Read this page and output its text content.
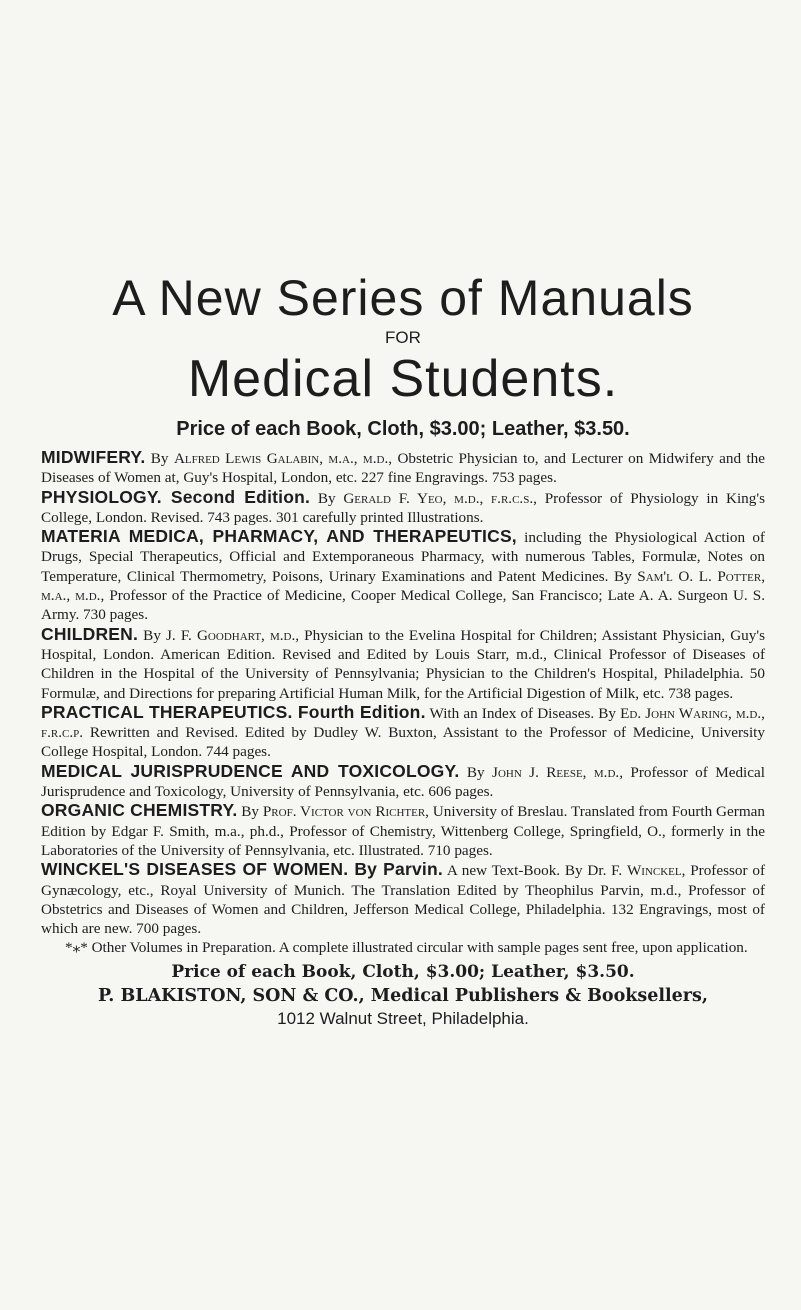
A New Series of Manuals
FOR
Medical Students.
Price of each Book, Cloth, $3.00; Leather, $3.50.

MIDWIFERY. By Alfred Lewis Galabin, m.a., m.d., Obstetric Physician to, and Lecturer on Midwifery and the Diseases of Women at, Guy's Hospital, London, etc. 227 fine Engravings. 753 pages.

PHYSIOLOGY. Second Edition. By Gerald F. Yeo, m.d., f.r.c.s., Professor of Physiology in King's College, London. Revised. 743 pages. 301 carefully printed Illustrations.

MATERIA MEDICA, PHARMACY, AND THERAPEUTICS, including the Physiological Action of Drugs, Special Therapeutics, Official and Extemporaneous Pharmacy, with numerous Tables, Formulæ, Notes on Temperature, Clinical Thermometry, Poisons, Urinary Examinations and Patent Medicines. By Sam'l O. L. Potter, m.a., m.d., Professor of the Practice of Medicine, Cooper Medical College, San Francisco; Late A. A. Surgeon U. S. Army. 730 pages.

CHILDREN. By J. F. Goodhart, m.d., Physician to the Evelina Hospital for Children; Assistant Physician, Guy's Hospital, London. American Edition. Revised and Edited by Louis Starr, m.d., Clinical Professor of Diseases of Children in the Hospital of the University of Pennsylvania; Physician to the Children's Hospital, Philadelphia. 50 Formulæ, and Directions for preparing Artificial Human Milk, for the Artificial Digestion of Milk, etc. 738 pages.

PRACTICAL THERAPEUTICS. Fourth Edition. With an Index of Diseases. By Ed. John Waring, m.d., f.r.c.p. Rewritten and Revised. Edited by Dudley W. Buxton, Assistant to the Professor of Medicine, University College Hospital, London. 744 pages.

MEDICAL JURISPRUDENCE AND TOXICOLOGY. By John J. Reese, m.d., Professor of Medical Jurisprudence and Toxicology, University of Pennsylvania, etc. 606 pages.

ORGANIC CHEMISTRY. By Prof. Victor von Richter, University of Breslau. Translated from Fourth German Edition by Edgar F. Smith, m.a., ph.d., Professor of Chemistry, Wittenberg College, Springfield, O., formerly in the Laboratories of the University of Pennsylvania, etc. Illustrated. 710 pages.

WINCKEL'S DISEASES OF WOMEN. By Parvin. A new Text-Book. By Dr. F. Winckel, Professor of Gynæcology, etc., Royal University of Munich. The Translation Edited by Theophilus Parvin, m.d., Professor of Obstetrics and Diseases of Women and Children, Jefferson Medical College, Philadelphia. 132 Engravings, most of which are new. 700 pages.

*⁎* Other Volumes in Preparation. A complete illustrated circular with sample pages sent free, upon application.

Price of each Book, Cloth, $3.00; Leather, $3.50.
P. BLAKISTON, SON & CO., Medical Publishers & Booksellers,
1012 Walnut Street, Philadelphia.
